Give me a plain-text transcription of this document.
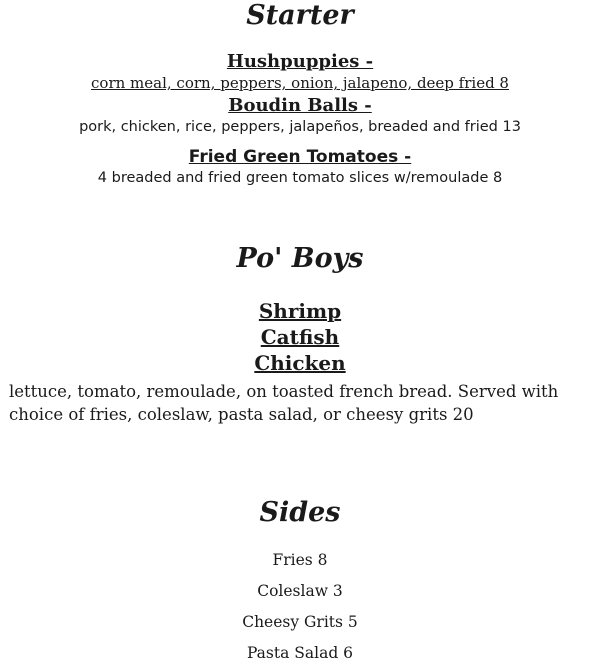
Starter
Hushpuppies -
corn meal, corn, peppers, onion, jalapeno, deep fried 8
Boudin Balls -
pork, chicken, rice, peppers, jalapeños, breaded and fried 13
Fried Green Tomatoes -
4 breaded and fried green tomato slices w/remoulade 8
Po' Boys
Shrimp
Catfish
Chicken

lettuce, tomato, remoulade, on toasted french bread. Served with

choice of fries, coleslaw, pasta salad, or cheesy grits 20

Sides
Fries 8
Coleslaw 3
Cheesy Grits 5
Pasta Salad 6
